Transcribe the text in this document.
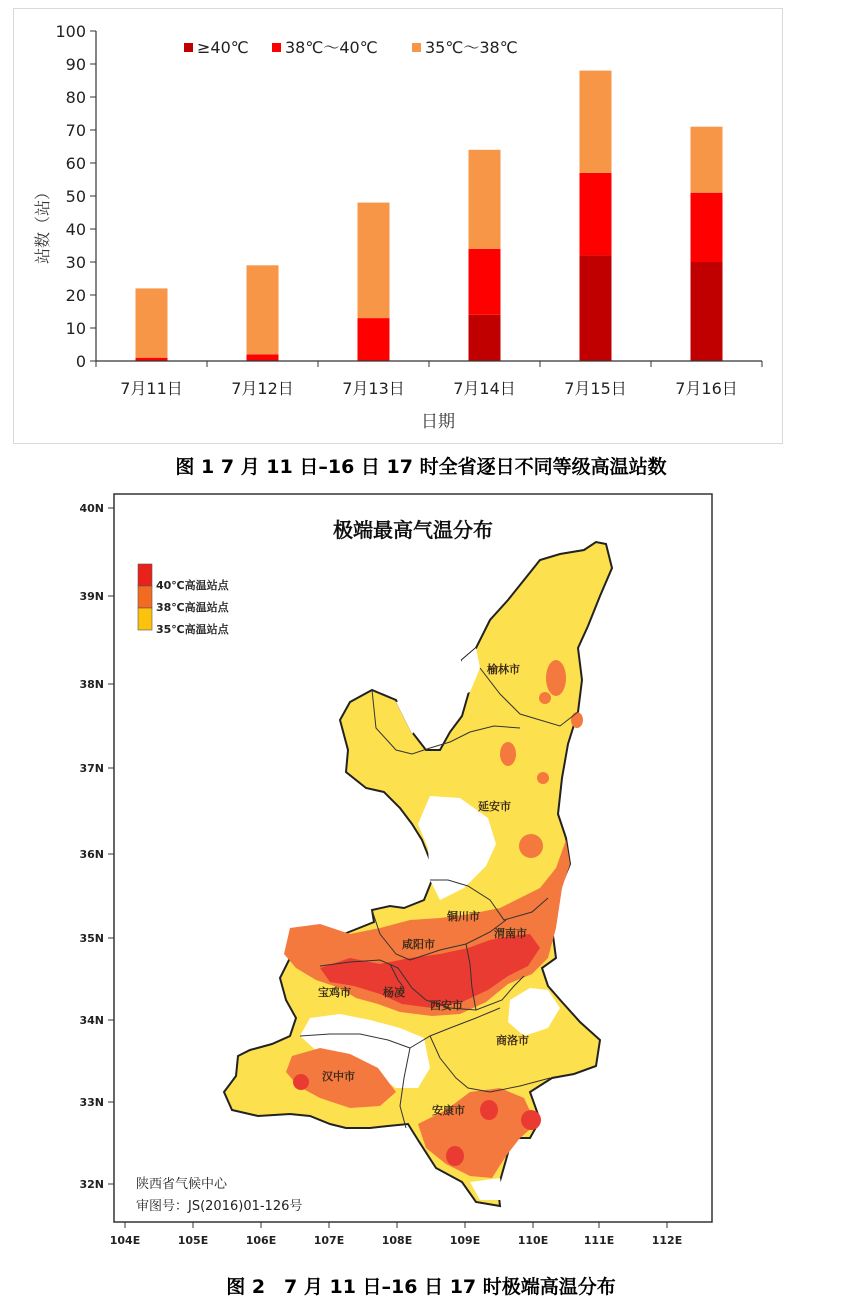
0
10
20
30
40
50
60
70
80
90
100
7月11日	7月12日	7月13日	7月14日	7月15日	7月16日
站数（站）
日期
≥40℃ 38℃～40℃	35℃～38℃
图 1 7 月 11 日–16 日 17 时全省逐日不同等级高温站数
40N
39N
38N
37N
36N
35N
34N
33N
32N
104E	105E	106E	107E	108E	109E	110E	111E	112E
极端最高气温分布
40℃高温站点
38℃高温站点
35℃高温站点
榆林市
延安市
铜川市
咸阳市
渭南市
宝鸡市	杨凌
西安市
商洛市
汉中市
安康市
陕西省气候中心
审图号：JS(2016)01-126号
图 2　7 月 11 日–16 日 17 时极端高温分布
